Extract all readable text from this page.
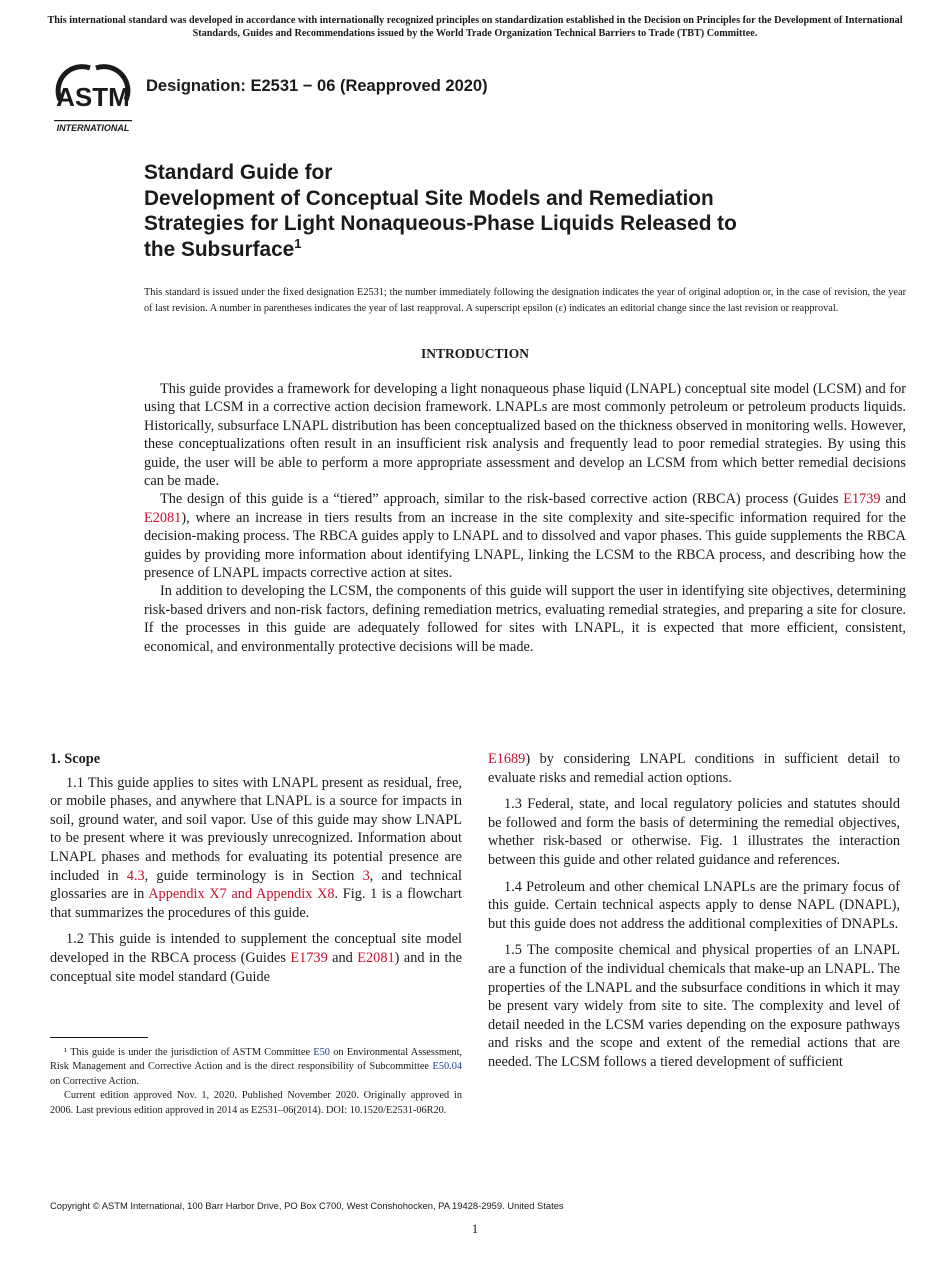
This international standard was developed in accordance with internationally recognized principles on standardization established in the Decision on Principles for the Development of International Standards, Guides and Recommendations issued by the World Trade Organization Technical Barriers to Trade (TBT) Committee.
ASTM
INTERNATIONAL
Designation: E2531 − 06 (Reapproved 2020)
Standard Guide for
Development of Conceptual Site Models and Remediation
Strategies for Light Nonaqueous-Phase Liquids Released to
the Subsurface$^1$
This standard is issued under the fixed designation E2531; the number immediately following the designation indicates the year of original adoption or, in the case of revision, the year of last revision. A number in parentheses indicates the year of last reapproval. A superscript epsilon (ε) indicates an editorial change since the last revision or reapproval.
INTRODUCTION

This guide provides a framework for developing a light nonaqueous phase liquid (LNAPL) conceptual site model (LCSM) and for using that LCSM in a corrective action decision framework. LNAPLs are most commonly petroleum or petroleum products liquids. Historically, subsurface LNAPL distribution has been conceptualized based on the thickness observed in monitoring wells. However, these conceptualizations often result in an insufficient risk analysis and frequently lead to poor remedial strategies. By using this guide, the user will be able to perform a more appropriate assessment and develop an LCSM from which better remedial decisions can be made.

The design of this guide is a “tiered” approach, similar to the risk-based corrective action (RBCA) process (Guides E1739 and E2081), where an increase in tiers results from an increase in the site complexity and site-specific information required for the decision-making process. The RBCA guides apply to LNAPL and to dissolved and vapor phases. This guide supplements the RBCA guides by providing more information about identifying LNAPL, linking the LCSM to the RBCA process, and describing how the presence of LNAPL impacts corrective action at sites.

In addition to developing the LCSM, the components of this guide will support the user in identifying site objectives, determining risk-based drivers and non-risk factors, defining remediation metrics, evaluating remedial strategies, and preparing a site for closure. If the processes in this guide are adequately followed for sites with LNAPL, it is expected that more efficient, consistent, economical, and environmentally protective decisions will be made.

1. Scope

1.1 This guide applies to sites with LNAPL present as residual, free, or mobile phases, and anywhere that LNAPL is a source for impacts in soil, ground water, and soil vapor. Use of this guide may show LNAPL to be present where it was previously unrecognized. Information about LNAPL phases and methods for evaluating its potential presence are included in 4.3, guide terminology is in Section 3, and technical glossaries are in Appendix X7 and Appendix X8. Fig. 1 is a flowchart that summarizes the procedures of this guide.

1.2 This guide is intended to supplement the conceptual site model developed in the RBCA process (Guides E1739 and E2081) and in the conceptual site model standard (Guide

E1689) by considering LNAPL conditions in sufficient detail to evaluate risks and remedial action options.

1.3 Federal, state, and local regulatory policies and statutes should be followed and form the basis of determining the remedial objectives, whether risk-based or otherwise. Fig. 1 illustrates the interaction between this guide and other related guidance and references.

1.4 Petroleum and other chemical LNAPLs are the primary focus of this guide. Certain technical aspects apply to dense NAPL (DNAPL), but this guide does not address the additional complexities of DNAPLs.

1.5 The composite chemical and physical properties of an LNAPL are a function of the individual chemicals that make-up an LNAPL. The properties of the LNAPL and the subsurface conditions in which it may be present vary widely from site to site. The complexity and level of detail needed in the LCSM varies depending on the exposure pathways and risks and the scope and extent of the remedial actions that are needed. The LCSM follows a tiered development of sufficient

¹ This guide is under the jurisdiction of ASTM Committee E50 on Environmental Assessment, Risk Management and Corrective Action and is the direct responsibility of Subcommittee E50.04 on Corrective Action.

Current edition approved Nov. 1, 2020. Published November 2020. Originally approved in 2006. Last previous edition approved in 2014 as E2531–06(2014). DOI: 10.1520/E2531-06R20.

Copyright © ASTM International, 100 Barr Harbor Drive, PO Box C700, West Conshohocken, PA 19428-2959. United States
1
